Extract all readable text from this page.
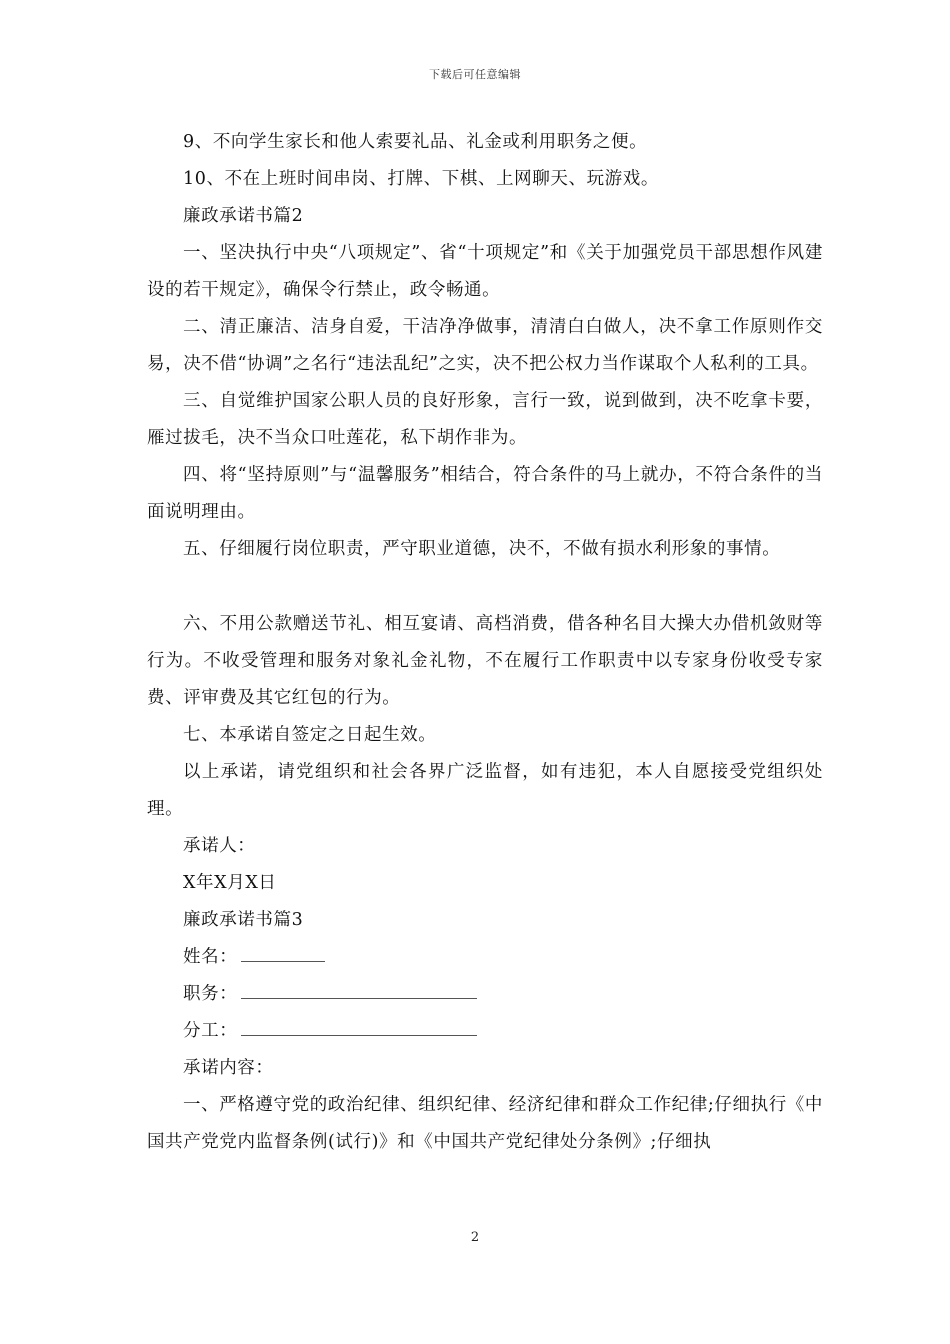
下载后可任意编辑

9、不向学生家长和他人索要礼品、礼金或利用职务之便。

10、不在上班时间串岗、打牌、下棋、上网聊天、玩游戏。

廉政承诺书篇2

一、坚决执行中央“八项规定”、省“十项规定”和《关于加强党员干部思想作风建设的若干规定》，确保令行禁止，政令畅通。

二、清正廉洁、洁身自爱，干洁净净做事，清清白白做人，决不拿工作原则作交易，决不借“协调”之名行“违法乱纪”之实，决不把公权力当作谋取个人私利的工具。

三、自觉维护国家公职人员的良好形象，言行一致，说到做到，决不吃拿卡要，雁过拔毛，决不当众口吐莲花，私下胡作非为。

四、将“坚持原则”与“温馨服务”相结合，符合条件的马上就办，不符合条件的当面说明理由。

五、仔细履行岗位职责，严守职业道德，决不，不做有损水利形象的事情。

六、不用公款赠送节礼、相互宴请、高档消费，借各种名目大操大办借机敛财等行为。不收受管理和服务对象礼金礼物，不在履行工作职责中以专家身份收受专家费、评审费及其它红包的行为。

七、本承诺自签定之日起生效。

以上承诺，请党组织和社会各界广泛监督，如有违犯，本人自愿接受党组织处理。

承诺人：

X年X月X日

廉政承诺书篇3

姓名：

职务：

分工：

承诺内容：

一、严格遵守党的政治纪律、组织纪律、经济纪律和群众工作纪律;仔细执行《中国共产党党内监督条例(试行)》和《中国共产党纪律处分条例》;仔细执

2
